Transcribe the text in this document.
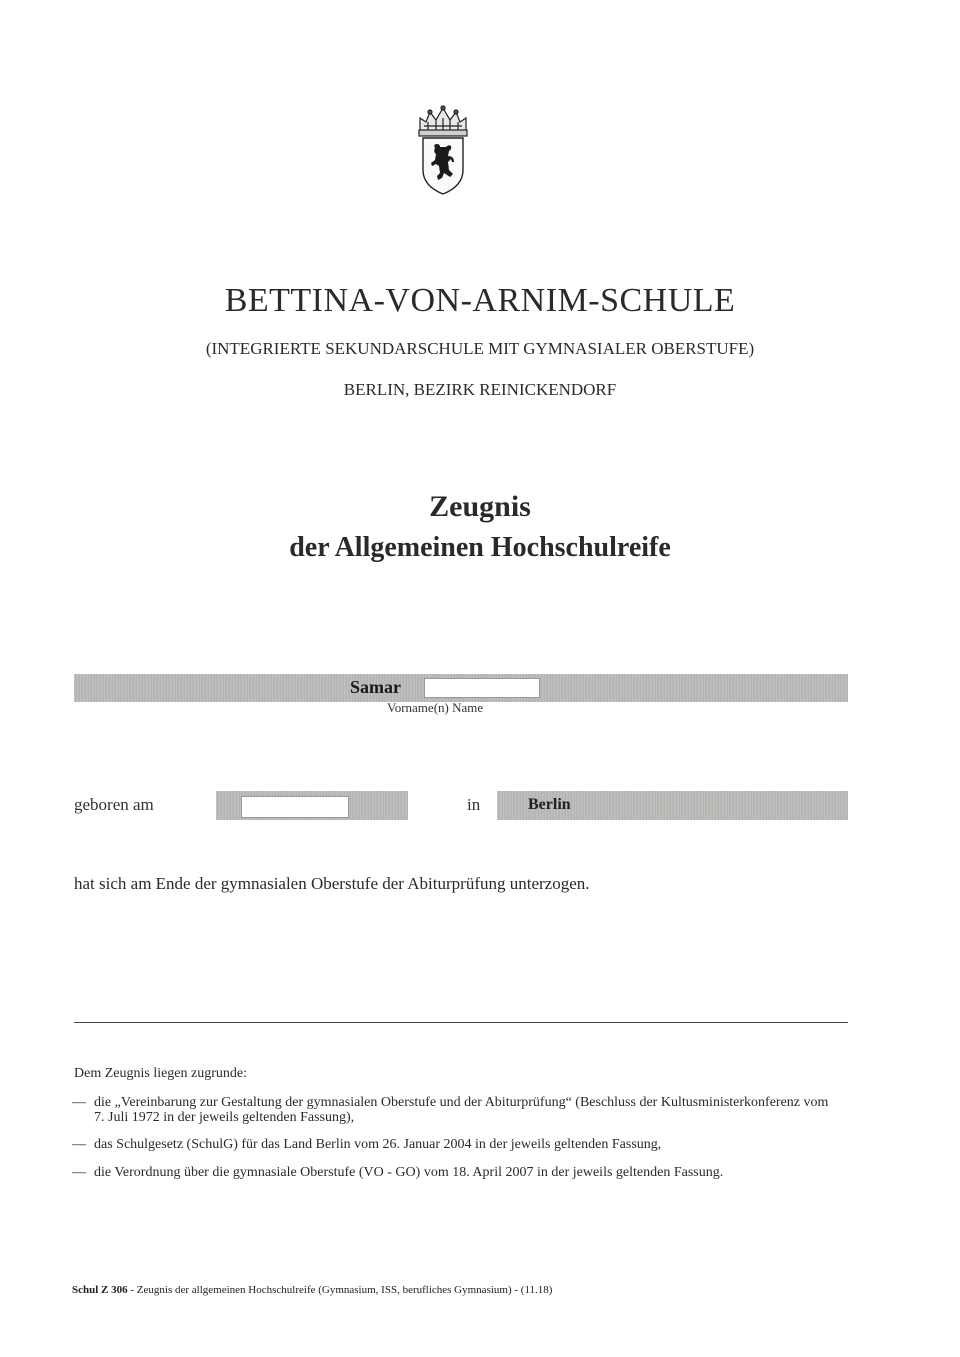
BETTINA-VON-ARNIM-SCHULE
(INTEGRIERTE SEKUNDARSCHULE MIT GYMNASIALER OBERSTUFE)
BERLIN, BEZIRK REINICKENDORF
Zeugnis
der Allgemeinen Hochschulreife
Samar
Vorname(n) Name
geboren am	in	Berlin
hat sich am Ende der gymnasialen Oberstufe der Abiturprüfung unterzogen.
Dem Zeugnis liegen zugrunde:
— die „Vereinbarung zur Gestaltung der gymnasialen Oberstufe und der Abiturprüfung“ (Beschluss der Kultusministerkonferenz vom 7. Juli 1972 in der jeweils geltenden Fassung),
— das Schulgesetz (SchulG) für das Land Berlin vom 26. Januar 2004 in der jeweils geltenden Fassung,
— die Verordnung über die gymnasiale Oberstufe (VO - GO) vom 18. April 2007 in der jeweils geltenden Fassung.
Schul Z 306 - Zeugnis der allgemeinen Hochschulreife (Gymnasium, ISS, berufliches Gymnasium) - (11.18)
